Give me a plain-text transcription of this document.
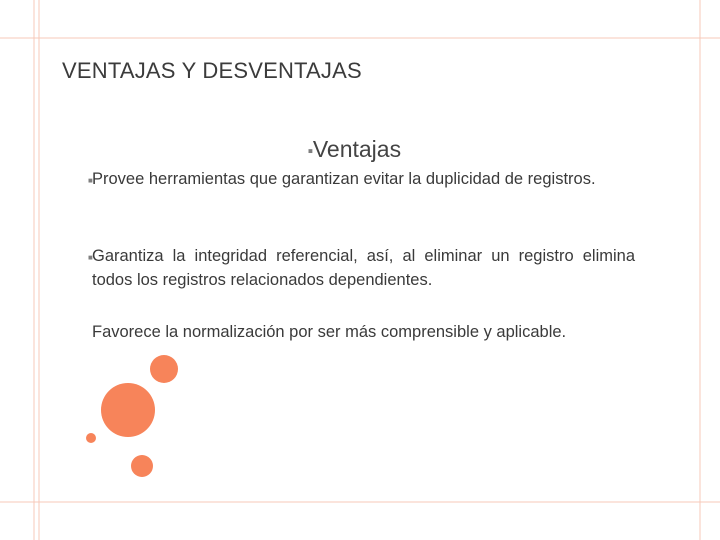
VENTAJAS Y DESVENTAJAS
■Ventajas
■ Provee herramientas que garantizan evitar la duplicidad de registros.
■ Garantiza la integridad referencial, así, al eliminar un registro elimina todos los registros relacionados dependientes.
Favorece la normalización por ser más comprensible y aplicable.
